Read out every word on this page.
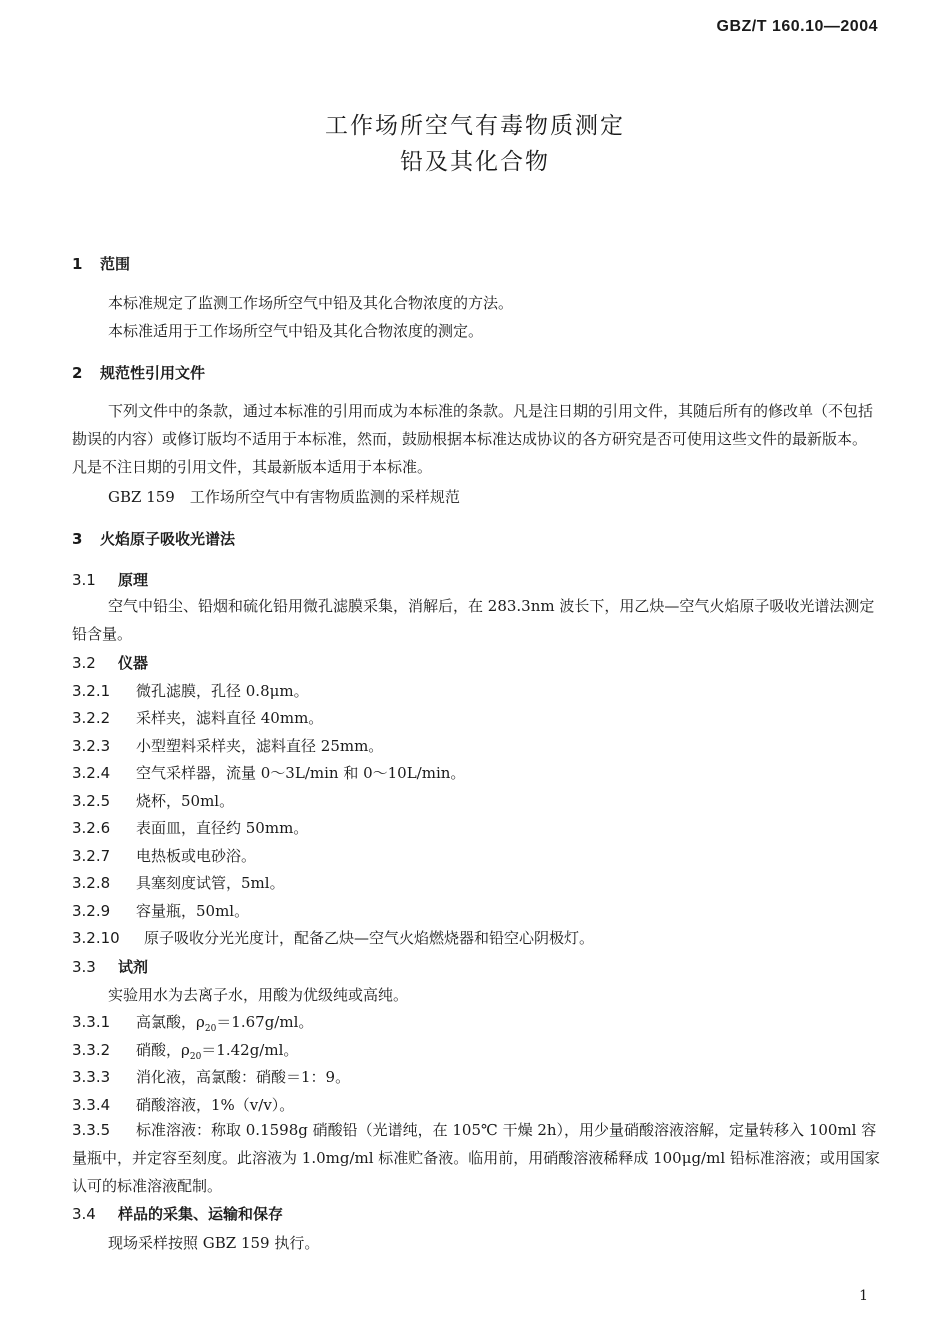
GBZ/T 160.10—2004
工作场所空气有毒物质测定
铅及其化合物
1 范围
本标准规定了监测工作场所空气中铅及其化合物浓度的方法。
本标准适用于工作场所空气中铅及其化合物浓度的测定。
2 规范性引用文件
下列文件中的条款，通过本标准的引用而成为本标准的条款。凡是注日期的引用文件，其随后所有的修改单（不包括勘误的内容）或修订版均不适用于本标准，然而，鼓励根据本标准达成协议的各方研究是否可使用这些文件的最新版本。凡是不注日期的引用文件，其最新版本适用于本标准。
GBZ 159　工作场所空气中有害物质监测的采样规范
3 火焰原子吸收光谱法
3.1 原理
空气中铅尘、铅烟和硫化铅用微孔滤膜采集，消解后，在 283.3nm 波长下，用乙炔—空气火焰原子吸收光谱法测定铅含量。
3.2 仪器
3.2.1 微孔滤膜，孔径 0.8μm。
3.2.2 采样夹，滤料直径 40mm。
3.2.3 小型塑料采样夹，滤料直径 25mm。
3.2.4 空气采样器，流量 0～3L/min 和 0～10L/min。
3.2.5 烧杯，50ml。
3.2.6 表面皿，直径约 50mm。
3.2.7 电热板或电砂浴。
3.2.8 具塞刻度试管，5ml。
3.2.9 容量瓶，50ml。
3.2.10 原子吸收分光光度计，配备乙炔—空气火焰燃烧器和铅空心阴极灯。
3.3 试剂
实验用水为去离子水，用酸为优级纯或高纯。
3.3.1 高氯酸，$\rho_{20}=1.67g/ml$。
3.3.2 硝酸，$\rho_{20}=1.42g/ml$。
3.3.3 消化液，高氯酸：硝酸＝1：9。
3.3.4 硝酸溶液，1%（v/v）。
3.3.5 标准溶液：称取 0.1598g 硝酸铅（光谱纯，在 105℃ 干燥 2h），用少量硝酸溶液溶解，定量转移入 100ml 容量瓶中，并定容至刻度。此溶液为 1.0mg/ml 标准贮备液。临用前，用硝酸溶液稀释成 100μg/ml 铅标准溶液；或用国家认可的标准溶液配制。
3.4 样品的采集、运输和保存
现场采样按照 GBZ 159 执行。
1
